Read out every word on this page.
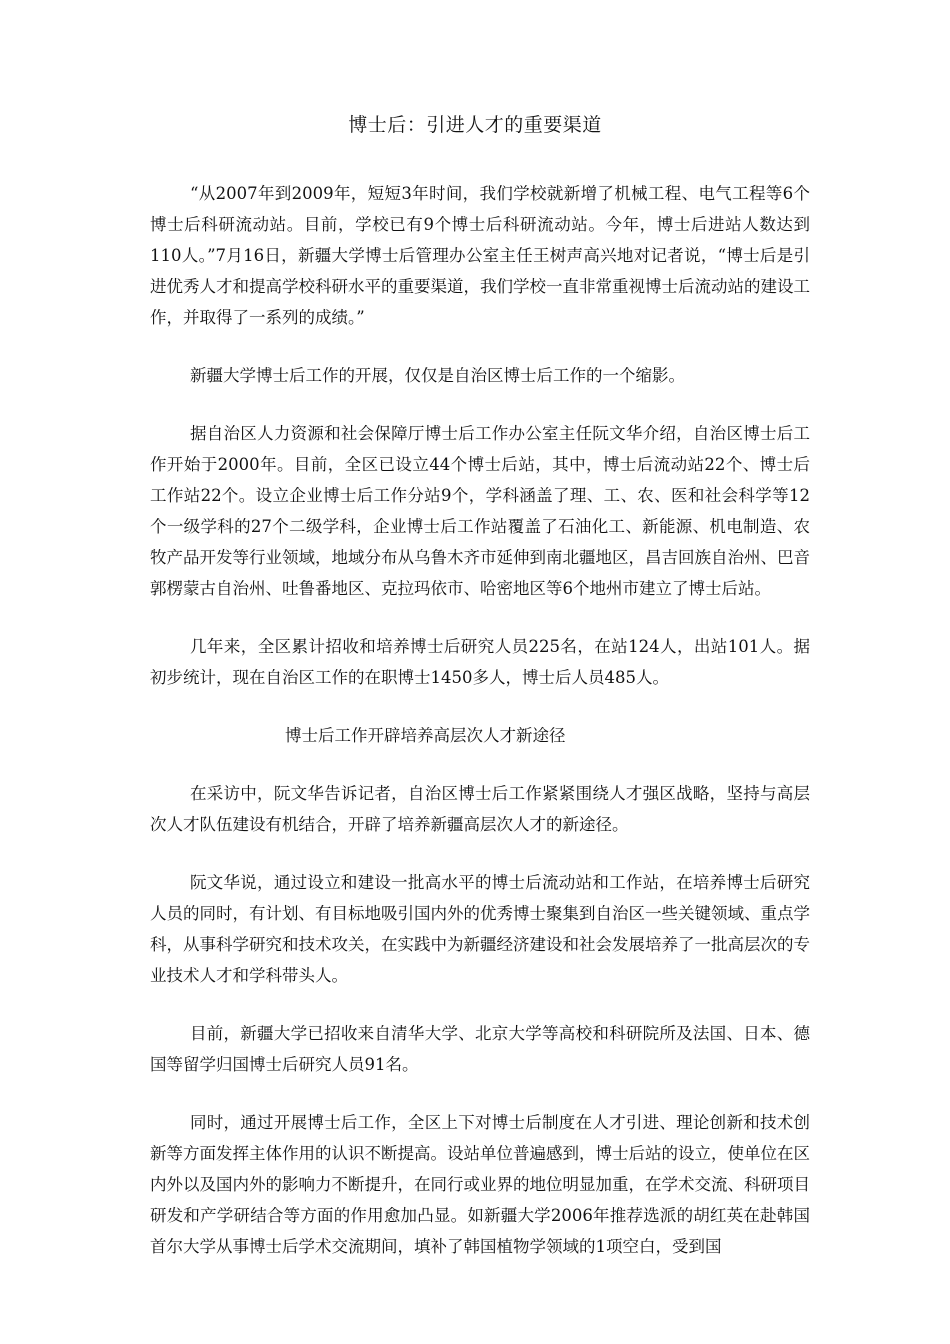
博士后：引进人才的重要渠道

“从2007年到2009年，短短3年时间，我们学校就新增了机械工程、电气工程等6个博士后科研流动站。目前，学校已有9个博士后科研流动站。今年，博士后进站人数达到110人。”7月16日，新疆大学博士后管理办公室主任王树声高兴地对记者说，“博士后是引进优秀人才和提高学校科研水平的重要渠道，我们学校一直非常重视博士后流动站的建设工作，并取得了一系列的成绩。”

新疆大学博士后工作的开展，仅仅是自治区博士后工作的一个缩影。

据自治区人力资源和社会保障厅博士后工作办公室主任阮文华介绍，自治区博士后工作开始于2000年。目前，全区已设立44个博士后站，其中，博士后流动站22个、博士后工作站22个。设立企业博士后工作分站9个，学科涵盖了理、工、农、医和社会科学等12个一级学科的27个二级学科，企业博士后工作站覆盖了石油化工、新能源、机电制造、农牧产品开发等行业领域，地域分布从乌鲁木齐市延伸到南北疆地区，昌吉回族自治州、巴音郭楞蒙古自治州、吐鲁番地区、克拉玛依市、哈密地区等6个地州市建立了博士后站。

几年来，全区累计招收和培养博士后研究人员225名，在站124人，出站101人。据初步统计，现在自治区工作的在职博士1450多人，博士后人员485人。

博士后工作开辟培养高层次人才新途径

在采访中，阮文华告诉记者，自治区博士后工作紧紧围绕人才强区战略，坚持与高层次人才队伍建设有机结合，开辟了培养新疆高层次人才的新途径。

阮文华说，通过设立和建设一批高水平的博士后流动站和工作站，在培养博士后研究人员的同时，有计划、有目标地吸引国内外的优秀博士聚集到自治区一些关键领域、重点学科，从事科学研究和技术攻关，在实践中为新疆经济建设和社会发展培养了一批高层次的专业技术人才和学科带头人。

目前，新疆大学已招收来自清华大学、北京大学等高校和科研院所及法国、日本、德国等留学归国博士后研究人员91名。

同时，通过开展博士后工作，全区上下对博士后制度在人才引进、理论创新和技术创新等方面发挥主体作用的认识不断提高。设站单位普遍感到，博士后站的设立，使单位在区内外以及国内外的影响力不断提升，在同行或业界的地位明显加重，在学术交流、科研项目研发和产学研结合等方面的作用愈加凸显。如新疆大学2006年推荐选派的胡红英在赴韩国首尔大学从事博士后学术交流期间，填补了韩国植物学领域的1项空白，受到国
